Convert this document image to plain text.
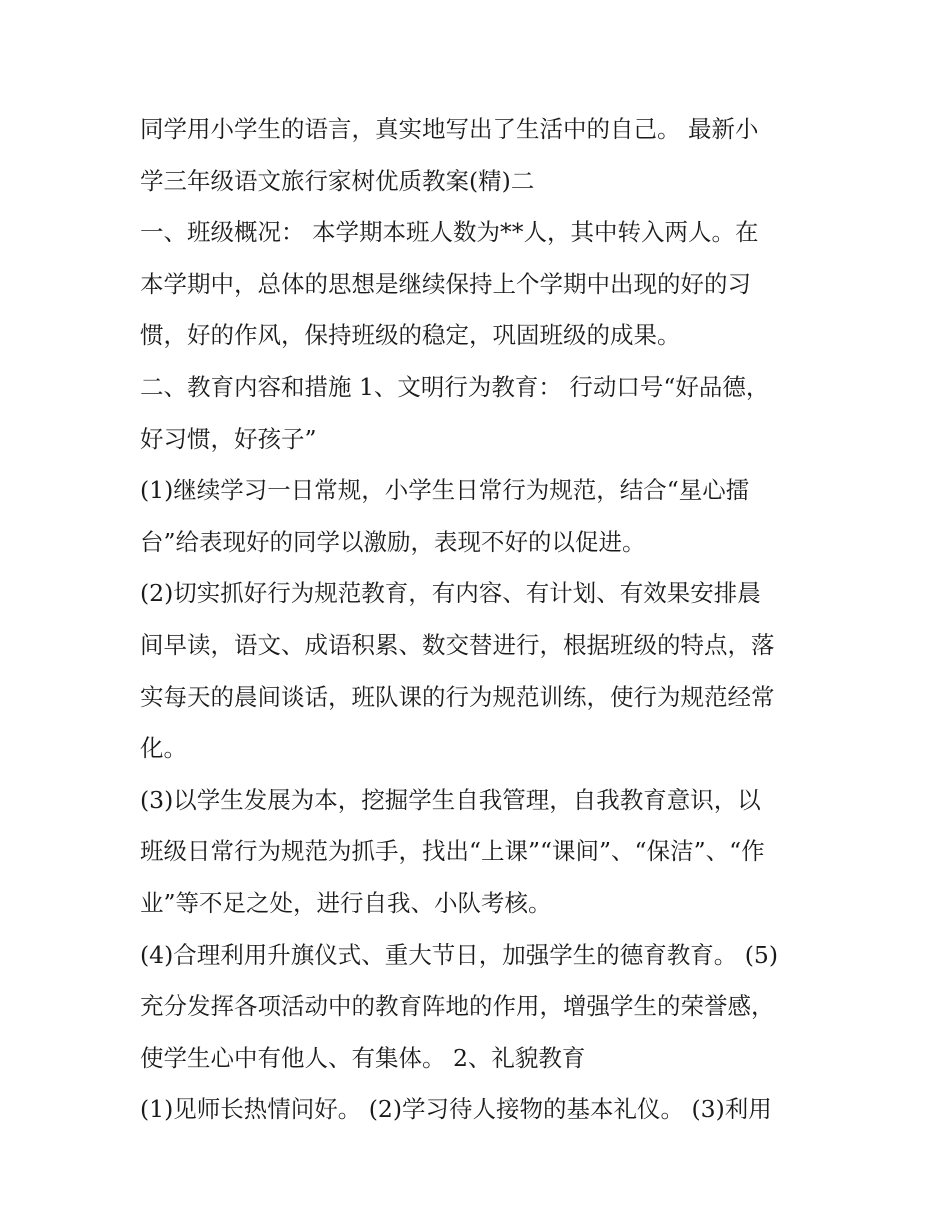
同学用小学生的语言，真实地写出了生活中的自己。 最新小
学三年级语文旅行家树优质教案(精)二
一、班级概况： 本学期本班人数为**人，其中转入两人。在
本学期中，总体的思想是继续保持上个学期中出现的好的习
惯，好的作风，保持班级的稳定，巩固班级的成果。
二、教育内容和措施 1、文明行为教育： 行动口号“好品德，
好习惯，好孩子”
(1)继续学习一日常规，小学生日常行为规范，结合“星心擂
台”给表现好的同学以激励，表现不好的以促进。
(2)切实抓好行为规范教育，有内容、有计划、有效果安排晨
间早读，语文、成语积累、数交替进行，根据班级的特点，落
实每天的晨间谈话，班队课的行为规范训练，使行为规范经常
化。
(3)以学生发展为本，挖掘学生自我管理，自我教育意识，以
班级日常行为规范为抓手，找出“上课”“课间”、“保洁”、“作
业”等不足之处，进行自我、小队考核。
(4)合理利用升旗仪式、重大节日，加强学生的德育教育。 (5)
充分发挥各项活动中的教育阵地的作用，增强学生的荣誉感，
使学生心中有他人、有集体。 2、礼貌教育
(1)见师长热情问好。 (2)学习待人接物的基本礼仪。 (3)利用
